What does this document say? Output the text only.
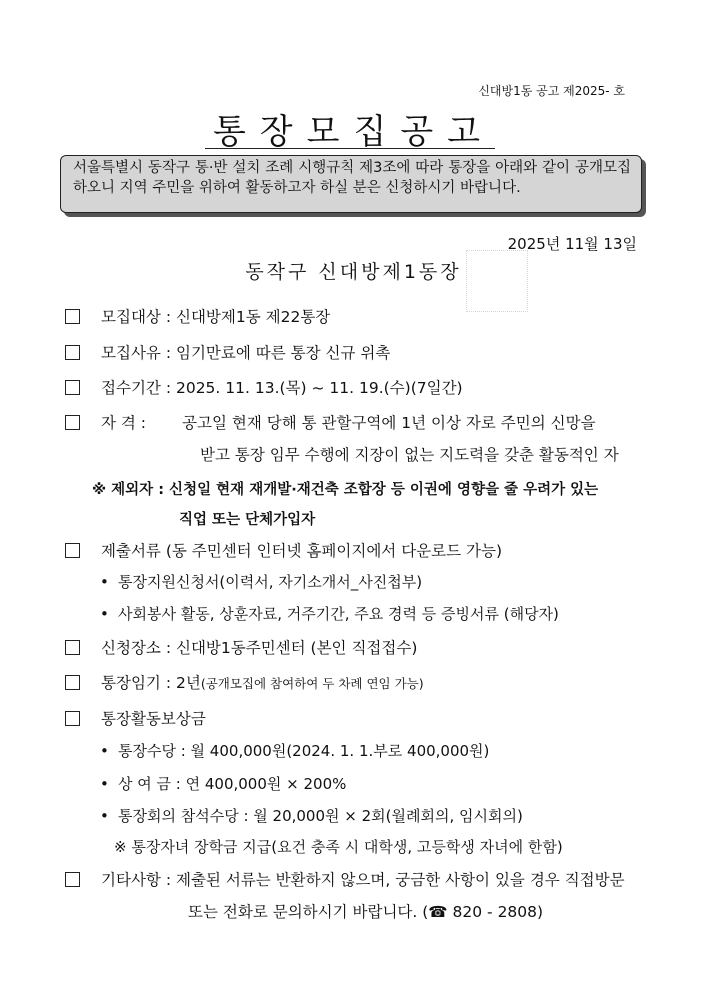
신대방1동 공고 제2025- 호
통장모집공고
서울특별시 동작구 통·반 설치 조례 시행규칙 제3조에 따라 통장을 아래와 같이 공개모집 하오니 지역 주민을 위하여 활동하고자 하실 분은 신청하시기 바랍니다.
2025년 11월 13일
동작구 신대방제1동장
모집대상 : 신대방제1동 제22통장
모집사유 : 임기만료에 따른 통장 신규 위촉
접수기간 : 2025. 11. 13.(목) ~ 11. 19.(수)(7일간)
자 격 : 공고일 현재 당해 통 관할구역에 1년 이상 자로 주민의 신망을
받고 통장 임무 수행에 지장이 없는 지도력을 갖춘 활동적인 자
※ 제외자 : 신청일 현재 재개발·재건축 조합장 등 이권에 영향을 줄 우려가 있는
직업 또는 단체가입자
제출서류 (동 주민센터 인터넷 홈페이지에서 다운로드 가능)
• 통장지원신청서(이력서, 자기소개서_사진첩부)
• 사회봉사 활동, 상훈자료, 거주기간, 주요 경력 등 증빙서류 (해당자)
신청장소 : 신대방1동주민센터 (본인 직접접수)
통장임기 : 2년(공개모집에 참여하여 두 차례 연임 가능)
통장활동보상금
• 통장수당 : 월 400,000원(2024. 1. 1.부로 400,000원)
• 상 여 금 : 연 400,000원 × 200%
• 통장회의 참석수당 : 월 20,000원 × 2회(월례회의, 임시회의)
※ 통장자녀 장학금 지급(요건 충족 시 대학생, 고등학생 자녀에 한함)
기타사항 : 제출된 서류는 반환하지 않으며, 궁금한 사항이 있을 경우 직접방문
또는 전화로 문의하시기 바랍니다. (☎ 820 - 2808)
